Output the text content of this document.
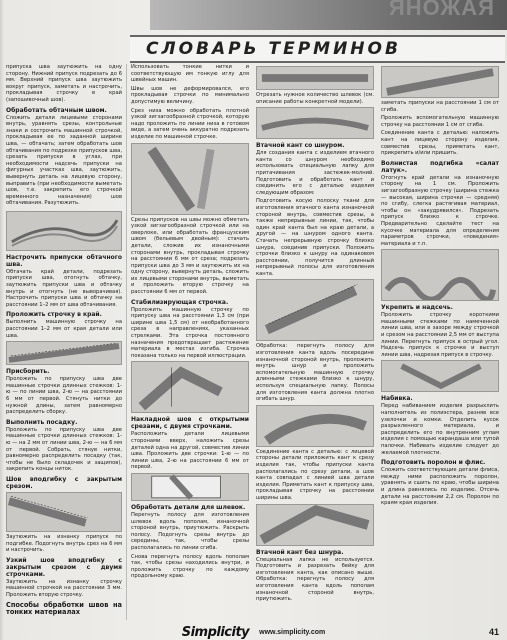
ЯНОЖАЯ
СЛОВАРЬ ТЕРМИНОВ

припуска шва заутюжить на одну сторону. Нижний припуск подрезать до 6 мм. Верхний припуск шва заутюжить вокруг припуск, заметать и настрочить, прокладывая строчку в край (запошивочный шов).

Обработать обтачным швом.

Сложить детали лицевыми сторонами внутрь, уравнять срезы, контрольные знаки и сострочить машинной строчкой, прокладывая ее по заданной ширине шва, — обтачать; затем обработать шов обтачивания по подрезке припусков шва, срезать припуски в углах, при необходимости надсечь припуски на фигурных участках шва, заутюжить, вывернуть деталь на лицевую сторону, выправить (при необходимости выметать шов, т.е. закрепить его строчкой временного назначения) шов обтачивания. Разутюжить.

Настрочить припуски обтачного шва.

Обтачать край детали, подрезать припуски шва, отогнуть обтачку, заутюжить припуски шва и обтачку внутрь и отогнуть (не выворачивая). Настрочить припуски шва и обтачку на расстоянии 1–2 мм от шва обтачивания.

Проложить строчку в край.

Выполнить машинную строчку на расстоянии 1–2 мм от края детали или шва.

Присборить.

Проложить по припуску шва две машинные строчки длинных стежков: 1-ю — по линии шва, 2-ю — на расстоянии 6 мм от первой. Стянуть нитки до нужной длины, затем равномерно распределить сборку.

Выполнить посадку.

Проложить по припуску шва две машинные строчки длинных стежков: 1-ю — на 2 мм от линии шва, 2-ю — на 6 мм от первой. Собрать, стянув нитки, равномерно распределить посадку (так, чтобы не было складочек и защипов), закрепить концы ниток.

Шов вподгибку с закрытым срезом.

Заутюжить на изнанку припуск по подгибке. Подогнуть внутрь срез на 6 мм и настрочить.

Узкий шов вподгибку с закрытым срезом с двумя строчками.

Заутюжить на изнанку строчку машинной строчкой на расстоянии 3 мм. Проложить вторую строчку.

Способы обработки швов на тонких материалах

Использовать тонкие нитки и соответствующую им тонкую иглу для швейных машин.

Швы шов не деформировался, его прокладывая строчки по минимально допустимую величину.

Срез низа можно обработать плотной узкой зигзагообразной строчкой, которую надо проложить по линии низа в готовом виде, а затем очень аккуратно подрезать изделие по машинной строчке.

Срезы припусков на швы можно обметать узкой зигзагообразной строчкой или на оверлоке, или обработать французским швом (бельевым двойным): стачать детали, сложив их изнаночными сторонами внутрь, прокладывая строчку на расстоянии 6 мм от среза; подрезать припуски шва до 3 мм и заутюжить их на одну сторону, вывернуть деталь, сложить их лицевыми сторонами внутрь, выметать и проложить вторую строчку на расстоянии 6 мм от первой.

Стабилизирующая строчка.

Проложить машинную строчку по припуску шва на расстоянии 1,3 см (при ширине шва 1,5 см) от необработанного среза в направлениях, указанных стрелками. Эта строчка постоянного назначения предотвращает растяжение материала в местах изгиба. Строчка показана только на первой иллюстрации.

Накладной шов с открытыми срезами, с двумя строчками.

Расположить детали лицевыми сторонами вверх, наложить срезы деталей одна на другой, совместив линии шва. Проложить две строчки: 1-ю — по линии шва, 2-ю на расстоянии 6 мм от первой.

Обработать детали для шлевок.

Перегнуть полосу для изготовления шлевок вдоль пополам, изнаночной стороной внутрь, приутюжить. Раскрыть полосу. Подогнуть срезы внутрь до середины, так, чтобы срезы располагались по линии сгиба.

Снова перегнуть полосу вдоль пополам так, чтобы срезы находились внутри, и проложить строчку по каждому продольному краю.

Отрезать нужное количество шлевок (см. описание работы конкретной модели).

Втачной кант со шнуром.

Для создания канта с изделием втачного канта со шнуром необходимо использовать специальную лапку для притачивания застежек-молний. Подготовить и обработать кант и соединить его с деталью изделия следующим образом:

Подготовить косую полоску ткани для изготовления втачного канта изнаночной стороной внутрь, совместив срезы, а также непрерывные линии, так, чтобы один край канта был на краю детали, а другой — на шнуром одного канта. Стачать непрерывную строчку близко шнура, соединив припуски. Положить строчки близко к шнуру на одинаковом расстоянии, получится длинный непрерывный полосы для изготовления канта.

Обработка: перегнуть полосу для изготовления канта вдоль посередине изнаночной стороной внутрь, проложить внутрь шнур и проложить вспомогательную машинную строчку длинными стежками близко к шнуру, используя специальную лапку. Полосы для изготовления канта должна плотно огибать шнур.

Соединение канта с деталью: с лицевой стороны детали приложить кант к срезу изделия так, чтобы припуски канта располагались по срезу детали, а шов канта совпадал с линией шва детали изделия. Приметать кант к припуску шва, прокладывая строчку на расстоянии ширины шва.

Втачной кант без шнура.

Специальная лапка не используется. Подготовить и разрезать бейку для изготовления канта, как описано выше. Обработка: перегнуть полосу для изготовления канта вдоль пополам изнаночной стороной внутрь, приутюжить.

заметать припуски на расстоянии 1 см от сгиба.

Проложить вспомогательную машинную строчку на расстоянии 1 см от сгиба.

Соединение канта с деталью: наложить кант на лицевую сторону изделия, совместив срезы, приметать кант, прикрепить и/или пришить.

Волнистая подгибка «салат латук».

Отогнуть край детали на изнаночную сторону на 1 см. Проложить зигзагообразную строчку (ширина стежка — высокая, ширина строчки — средняя) по сгибу, слегка растягивая материал, чтобы он «закудрявился». Подрезать припуск близко к строчке. Предварительно сделайте тест на кусочке материала для определения параметров строчки, «поведения» материала и т.п.

Укрепить и надсечь.

Проложить строчку короткими машинными стежками по намеченной линии шва, или в зазоре между строчкой и срезом на расстоянии 2,5 мм от выступа линии. Перегнуть припуск в острый угол. Надсечь припуск к строчке и выступ линии шва, надрезая припуск в строчку.

Набивка.

Перед набиванием изделия разрыхлить наполнитель из полиэстера, разняв все узелочки и комки. Отделить кусок разрыхленного материала, и распределить его по внутренним углам изделия с помощью карандаша или тупой палочки. Набивать изделие следует до желаемой плотности.

Подготовить поролон и флис.

Сложить соответствующие детали флиса, между ними расположить поролон, уравнять и сшить по краю, чтобы ширина и длина равнялись по изделию. Отсечь детали на расстоянии 2,2 см. Поролон по краям края изделия.

Simplicity www.simplicity.com	41
